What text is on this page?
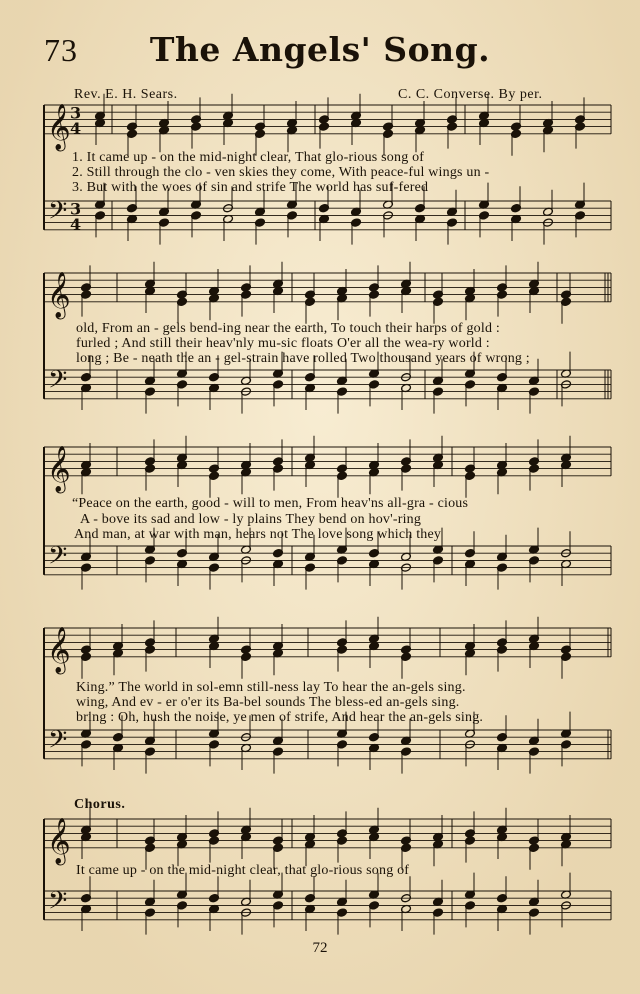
73	The Angels' Song.
Rev. E. H. Sears.	C. C. Converse. By per.
𝄞
𝄢
3
4
3
4
𝄞
𝄢
𝄞
𝄢
𝄞
𝄢
𝄞
𝄢
1. It came up - on the mid-night clear, That glo-rious song of
2. Still through the clo - ven skies they come, With peace-ful wings un -
3. But with the woes of sin and strife The world has suf-fered
old, From an - gels bend-ing near the earth, To touch their harps of gold :
furled ; And still their heav'nly mu-sic floats O'er all the wea-ry world :
long ; Be - neath the an - gel-strain have rolled Two thousand years of wrong ;
“Peace on the earth, good - will to men, From heav'ns all-gra - cious
A - bove its sad and low - ly plains They bend on hov'-ring
And man, at war with man, hears not The love song which they
King.” The world in sol-emn still-ness lay To hear the an-gels sing.
wing, And ev - er o'er its Ba-bel sounds The bless-ed an-gels sing.
bring : Oh, hush the noise, ye men of strife, And hear the an-gels sing.
Chorus.
It came up - on the mid-night clear, that glo-rious song of
72
